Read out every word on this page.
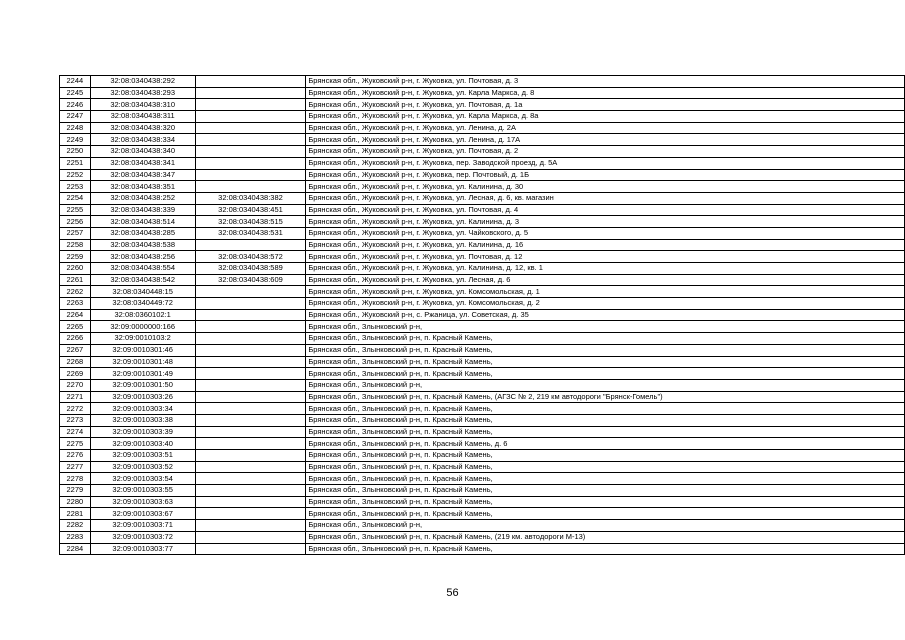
2244	32:08:0340438:292		Брянская обл., Жуковский р-н, г. Жуковка, ул. Почтовая, д. 3
2245	32:08:0340438:293		Брянская обл., Жуковский р-н, г. Жуковка, ул. Карла Маркса, д. 8
2246	32:08:0340438:310		Брянская обл., Жуковский р-н, г. Жуковка, ул. Почтовая, д. 1а
2247	32:08:0340438:311		Брянская обл., Жуковский р-н, г. Жуковка, ул. Карла Маркса, д. 8а
2248	32:08:0340438:320		Брянская обл., Жуковский р-н, г. Жуковка, ул. Ленина, д. 2А
2249	32:08:0340438:334		Брянская обл., Жуковский р-н, г. Жуковка, ул. Ленина, д. 17А
2250	32:08:0340438:340		Брянская обл., Жуковский р-н, г. Жуковка, ул. Почтовая, д. 2
2251	32:08:0340438:341		Брянская обл., Жуковский р-н, г. Жуковка, пер. Заводской проезд, д. 5А
2252	32:08:0340438:347		Брянская обл., Жуковский р-н, г. Жуковка, пер. Почтовый, д. 1Б
2253	32:08:0340438:351		Брянская обл., Жуковский р-н, г. Жуковка, ул. Калинина, д. 30
2254	32:08:0340438:252	32:08:0340438:382	Брянская обл., Жуковский р-н, г. Жуковка, ул. Лесная, д. 6, кв. магазин
2255	32:08:0340438:339	32:08:0340438:451	Брянская обл., Жуковский р-н, г. Жуковка, ул. Почтовая, д. 4
2256	32:08:0340438:514	32:08:0340438:515	Брянская обл., Жуковский р-н, г. Жуковка, ул. Калинина, д. 3
2257	32:08:0340438:285	32:08:0340438:531	Брянская обл., Жуковский р-н, г. Жуковка, ул. Чайковского, д. 5
2258	32:08:0340438:538		Брянская обл., Жуковский р-н, г. Жуковка, ул. Калинина, д. 16
2259	32:08:0340438:256	32:08:0340438:572	Брянская обл., Жуковский р-н, г. Жуковка, ул. Почтовая, д. 12
2260	32:08:0340438:554	32:08:0340438:589	Брянская обл., Жуковский р-н, г. Жуковка, ул. Калинина, д. 12, кв. 1
2261	32:08:0340438:542	32:08:0340438:609	Брянская обл., Жуковский р-н, г. Жуковка, ул. Лесная, д. 6
2262	32:08:0340448:15		Брянская обл., Жуковский р-н, г. Жуковка, ул. Комсомольская, д. 1
2263	32:08:0340449:72		Брянская обл., Жуковский р-н, г. Жуковка, ул. Комсомольская, д. 2
2264	32:08:0360102:1		Брянская обл., Жуковский р-н, с. Ржаница, ул. Советская, д. 35
2265	32:09:0000000:166		Брянская обл., Злынковский р-н,
2266	32:09:0010103:2		Брянская обл., Злынковский р-н, п. Красный Камень,
2267	32:09:0010301:46		Брянская обл., Злынковский р-н, п. Красный Камень,
2268	32:09:0010301:48		Брянская обл., Злынковский р-н, п. Красный Камень,
2269	32:09:0010301:49		Брянская обл., Злынковский р-н, п. Красный Камень,
2270	32:09:0010301:50		Брянская обл., Злынковский р-н,
2271	32:09:0010303:26		Брянская обл., Злынковский р-н, п. Красный Камень, (АГЗС № 2, 219 км автодороги "Брянск-Гомель")
2272	32:09:0010303:34		Брянская обл., Злынковский р-н, п. Красный Камень,
2273	32:09:0010303:38		Брянская обл., Злынковский р-н, п. Красный Камень,
2274	32:09:0010303:39		Брянская обл., Злынковский р-н, п. Красный Камень,
2275	32:09:0010303:40		Брянская обл., Злынковский р-н, п. Красный Камень, д. 6
2276	32:09:0010303:51		Брянская обл., Злынковский р-н, п. Красный Камень,
2277	32:09:0010303:52		Брянская обл., Злынковский р-н, п. Красный Камень,
2278	32:09:0010303:54		Брянская обл., Злынковский р-н, п. Красный Камень,
2279	32:09:0010303:55		Брянская обл., Злынковский р-н, п. Красный Камень,
2280	32:09:0010303:63		Брянская обл., Злынковский р-н, п. Красный Камень,
2281	32:09:0010303:67		Брянская обл., Злынковский р-н, п. Красный Камень,
2282	32:09:0010303:71		Брянская обл., Злынковский р-н,
2283	32:09:0010303:72		Брянская обл., Злынковский р-н, п. Красный Камень, (219 км. автодороги М-13)
2284	32:09:0010303:77		Брянская обл., Злынковский р-н, п. Красный Камень,
56
